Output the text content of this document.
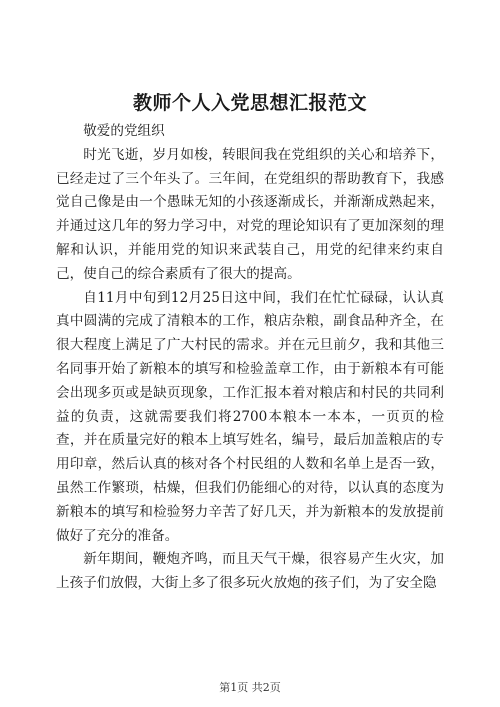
教师个人入党思想汇报范文

敬爱的党组织

时光飞逝，岁月如梭，转眼间我在党组织的关心和培养下，已经走过了三个年头了。三年间，在党组织的帮助教育下，我感觉自己像是由一个愚昧无知的小孩逐渐成长，并渐渐成熟起来，并通过这几年的努力学习中，对党的理论知识有了更加深刻的理解和认识，并能用党的知识来武装自己，用党的纪律来约束自己，使自己的综合素质有了很大的提高。

自11月中旬到12月25日这中间，我们在忙忙碌碌，认认真真中圆满的完成了清粮本的工作，粮店杂粮，副食品种齐全，在很大程度上满足了广大村民的需求。并在元旦前夕，我和其他三名同事开始了新粮本的填写和检验盖章工作，由于新粮本有可能会出现多页或是缺页现象，工作汇报本着对粮店和村民的共同利益的负责，这就需要我们将2700本粮本一本本，一页页的检查，并在质量完好的粮本上填写姓名，编号，最后加盖粮店的专用印章，然后认真的核对各个村民组的人数和名单上是否一致，虽然工作繁琐，枯燥，但我们仍能细心的对待，以认真的态度为新粮本的填写和检验努力辛苦了好几天，并为新粮本的发放提前做好了充分的准备。

新年期间，鞭炮齐鸣，而且天气干燥，很容易产生火灾，加上孩子们放假，大街上多了很多玩火放炮的孩子们，为了安全隐

第1页 共2页
